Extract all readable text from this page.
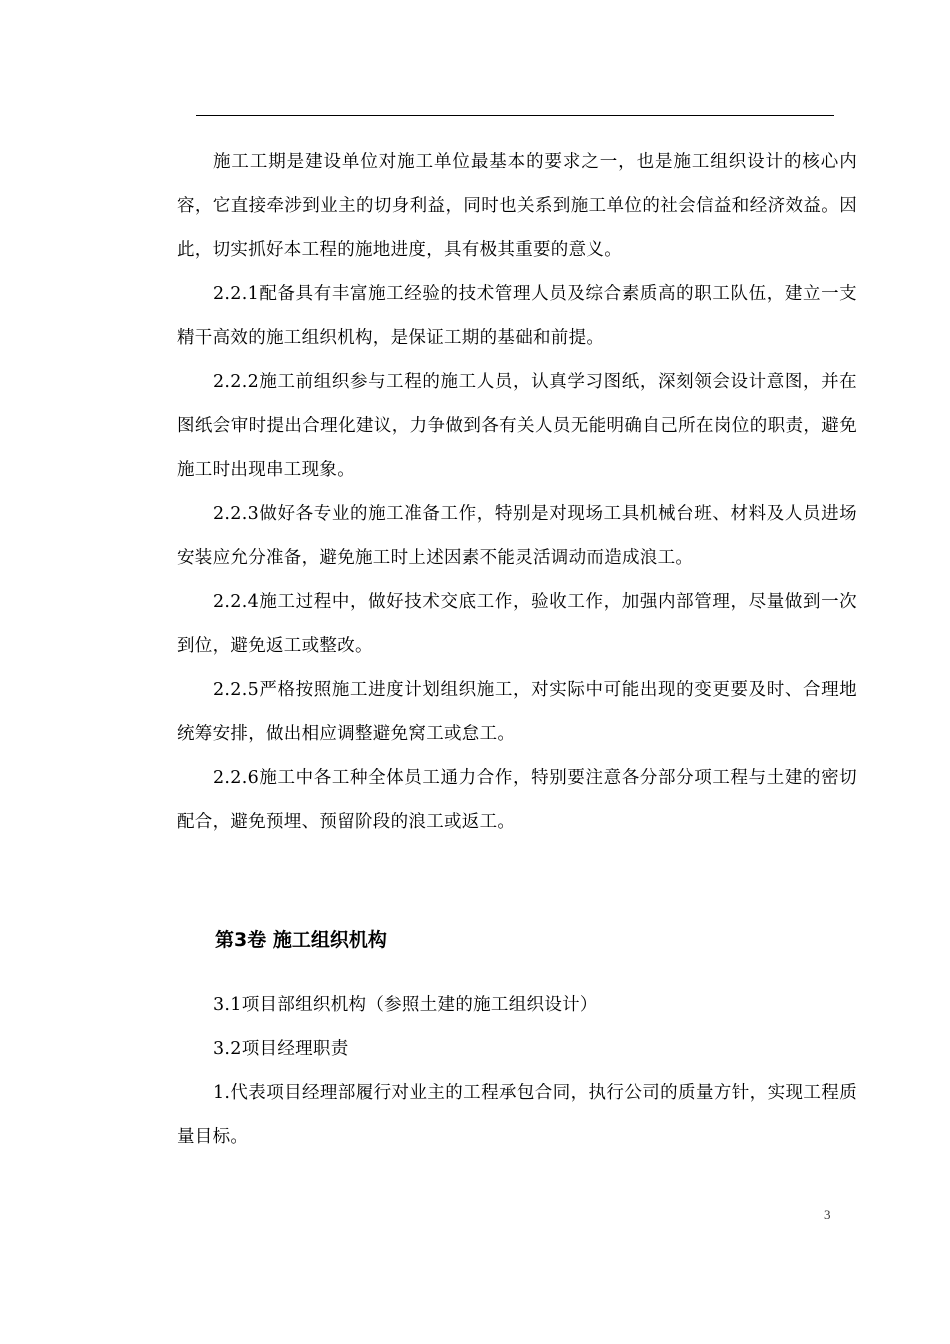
施工工期是建设单位对施工单位最基本的要求之一，也是施工组织设计的核心内容，它直接牵涉到业主的切身利益，同时也关系到施工单位的社会信益和经济效益。因此，切实抓好本工程的施地进度，具有极其重要的意义。

2.2.1配备具有丰富施工经验的技术管理人员及综合素质高的职工队伍，建立一支精干高效的施工组织机构，是保证工期的基础和前提。

2.2.2施工前组织参与工程的施工人员，认真学习图纸，深刻领会设计意图，并在图纸会审时提出合理化建议，力争做到各有关人员无能明确自己所在岗位的职责，避免施工时出现串工现象。

2.2.3做好各专业的施工准备工作，特别是对现场工具机械台班、材料及人员进场安装应允分准备，避免施工时上述因素不能灵活调动而造成浪工。

2.2.4施工过程中，做好技术交底工作，验收工作，加强内部管理，尽量做到一次到位，避免返工或整改。

2.2.5严格按照施工进度计划组织施工，对实际中可能出现的变更要及时、合理地统筹安排，做出相应调整避免窝工或怠工。

2.2.6施工中各工种全体员工通力合作，特别要注意各分部分项工程与土建的密切配合，避免预埋、预留阶段的浪工或返工。

第3卷 施工组织机构

3.1项目部组织机构（参照土建的施工组织设计）

3.2项目经理职责

1.代表项目经理部履行对业主的工程承包合同，执行公司的质量方针，实现工程质量目标。

3
